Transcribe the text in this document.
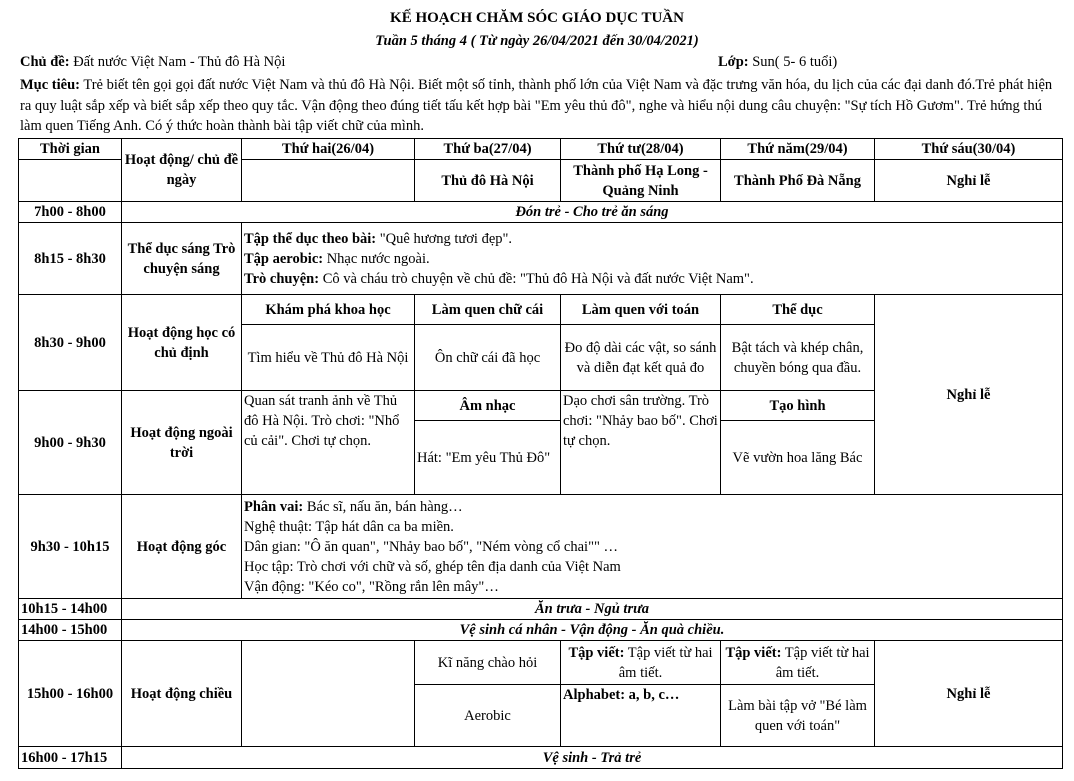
KẾ HOẠCH CHĂM SÓC GIÁO DỤC TUẦN
Tuần 5 tháng 4 ( Từ ngày 26/04/2021 đến 30/04/2021)
Chủ đề: Đất nước Việt Nam - Thủ đô Hà Nội	Lớp: Sun( 5- 6 tuổi)
Mục tiêu: Trẻ biết tên gọi gọi đất nước Việt Nam và thủ đô Hà Nội. Biết một số tỉnh, thành phố lớn của Việt Nam và đặc trưng văn hóa, du lịch của các đại danh đó.Trẻ phát hiện ra quy luật sắp xếp và biết sắp xếp theo quy tắc. Vận động theo đúng tiết tấu kết hợp bài "Em yêu thủ đô", nghe và hiểu nội dung câu chuyện: "Sự tích Hồ Gươm". Trẻ hứng thú làm quen Tiếng Anh. Có ý thức hoàn thành bài tập viết chữ của mình.
Thời gian	Hoạt động/ chủ đề ngày	Thứ hai(26/04)	Thứ ba(27/04)	Thứ tư(28/04)	Thứ năm(29/04)	Thứ sáu(30/04)
			Thủ đô Hà Nội	Thành phố Hạ Long - Quảng Ninh	Thành Phố Đà Nẵng	Nghỉ lễ
7h00 - 8h00	Đón trẻ - Cho trẻ ăn sáng					
8h15 - 8h30	Thể dục sáng Trò chuyện sáng	Tập thể dục theo bài: "Quê hương tươi đẹp".
Tập aerobic: Nhạc nước ngoài.
Trò chuyện: Cô và cháu trò chuyện về chủ đề: "Thủ đô Hà Nội và đất nước Việt Nam".				

8h30 - 9h00	Hoạt động học có chủ định	Khám phá khoa học	Làm quen chữ cái	Làm quen với toán	Thể dục	Nghỉ lễ
		Tìm hiểu về Thủ đô Hà Nội	Ôn chữ cái đã học	Đo độ dài các vật, so sánh và diễn đạt kết quả đo	Bật tách và khép chân, chuyền bóng qua đầu.	
9h00 - 9h30	Hoạt động ngoài trời	Quan sát tranh ảnh về Thủ đô Hà Nội. Trò chơi: "Nhổ củ cải". Chơi tự chọn.	Âm nhạc	Dạo chơi sân trường. Trò chơi: "Nhảy bao bố". Chơi tự chọn.	Tạo hình	
			Hát: "Em yêu Thủ Đô"		Vẽ vườn hoa lăng Bác	
9h30 - 10h15	Hoạt động góc	Phân vai: Bác sĩ, nấu ăn, bán hàng…
Nghệ thuật: Tập hát dân ca ba miền.
Dân gian: "Ô ăn quan", "Nhảy bao bố", "Ném vòng cổ chai"" …
Học tập: Trò chơi với chữ và số, ghép tên địa danh của Việt Nam
Vận động: "Kéo co", "Rồng rắn lên mây"…				

10h15 - 14h00	Ăn trưa - Ngủ trưa					
14h00 - 15h00	Vệ sinh cá nhân - Vận động - Ăn quà chiều.					
15h00 - 16h00	Hoạt động chiều		Kĩ năng chào hỏi	Tập viết: Tập viết từ hai âm tiết.	Tập viết: Tập viết từ hai âm tiết.	Nghỉ lễ
			Aerobic	Alphabet: a, b, c…	Làm bài tập vở "Bé làm quen với toán"	
16h00 - 17h15	Vệ sinh - Trả trẻ					
